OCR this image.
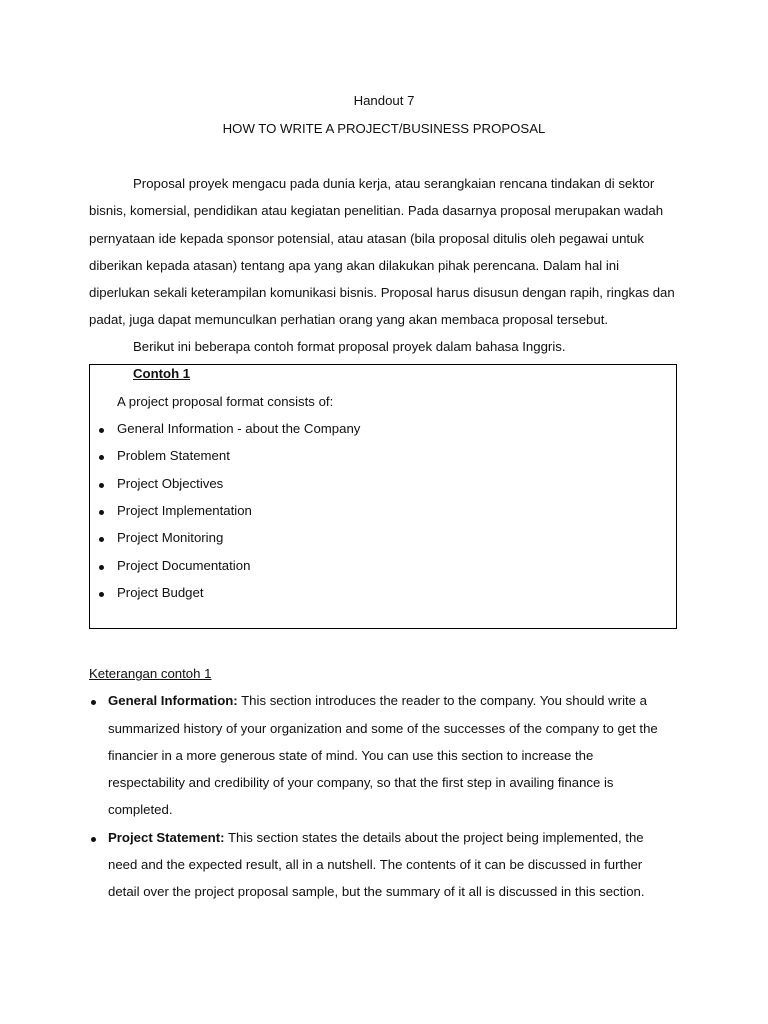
Handout 7
HOW TO WRITE A PROJECT/BUSINESS PROPOSAL
Proposal proyek mengacu pada dunia kerja, atau serangkaian rencana tindakan di sektor
bisnis, komersial, pendidikan atau kegiatan penelitian. Pada dasarnya proposal merupakan wadah
pernyataan ide kepada sponsor potensial, atau atasan (bila proposal ditulis oleh pegawai untuk
diberikan kepada atasan) tentang apa yang akan dilakukan pihak perencana. Dalam hal ini
diperlukan sekali keterampilan komunikasi bisnis. Proposal harus disusun dengan rapih, ringkas dan
padat, juga dapat memunculkan perhatian orang yang akan membaca proposal tersebut.
Berikut ini beberapa contoh format proposal proyek dalam bahasa Inggris.
Contoh 1
A project proposal format consists of:
General Information - about the Company
Problem Statement
Project Objectives
Project Implementation
Project Monitoring
Project Documentation
Project Budget
Keterangan contoh 1
General Information: This section introduces the reader to the company. You should write a
summarized history of your organization and some of the successes of the company to get the
financier in a more generous state of mind. You can use this section to increase the
respectability and credibility of your company, so that the first step in availing finance is
completed.
Project Statement: This section states the details about the project being implemented, the
need and the expected result, all in a nutshell. The contents of it can be discussed in further
detail over the project proposal sample, but the summary of it all is discussed in this section.
